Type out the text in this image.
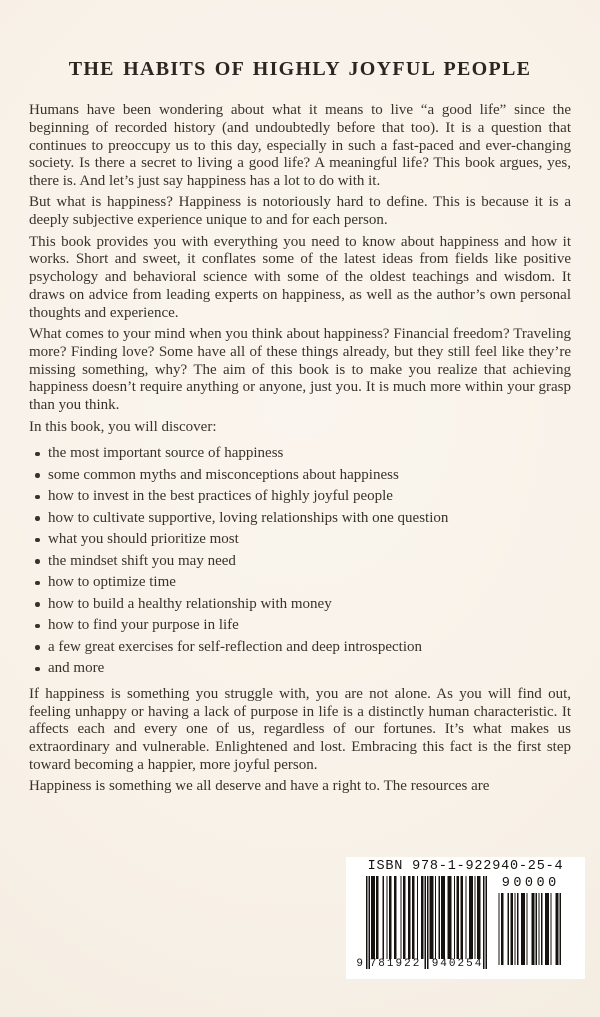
THE HABITS OF HIGHLY JOYFUL PEOPLE

Humans have been wondering about what it means to live “a good life” since the beginning of recorded history (and undoubtedly before that too). It is a question that continues to preoccupy us to this day, especially in such a fast-paced and ever-changing society. Is there a secret to living a good life? A meaningful life? This book argues, yes, there is. And let’s just say happiness has a lot to do with it.

But what is happiness? Happiness is notoriously hard to define. This is because it is a deeply subjective experience unique to and for each person.

This book provides you with everything you need to know about happiness and how it works. Short and sweet, it conflates some of the latest ideas from fields like positive psychology and behavioral science with some of the oldest teachings and wisdom. It draws on advice from leading experts on happiness, as well as the author’s own personal thoughts and experience.

What comes to your mind when you think about happiness? Financial freedom? Traveling more? Finding love? Some have all of these things already, but they still feel like they’re missing something, why? The aim of this book is to make you realize that achieving happiness doesn’t require anything or anyone, just you. It is much more within your grasp than you think.

In this book, you will discover:

the most important source of happiness
some common myths and misconceptions about happiness
how to invest in the best practices of highly joyful people
how to cultivate supportive, loving relationships with one question
what you should prioritize most
the mindset shift you may need
how to optimize time
how to build a healthy relationship with money
how to find your purpose in life
a few great exercises for self-reflection and deep introspection
and more

If happiness is something you struggle with, you are not alone. As you will find out, feeling unhappy or having a lack of purpose in life is a distinctly human characteristic. It affects each and every one of us, regardless of our fortunes. It’s what makes us extraordinary and vulnerable. Enlightened and lost. Embracing this fact is the first step toward becoming a happier, more joyful person.

Happiness is something we all deserve and have a right to. The resources are

ISBN 978-1-922940-25-4
9 781922 940254
90000
